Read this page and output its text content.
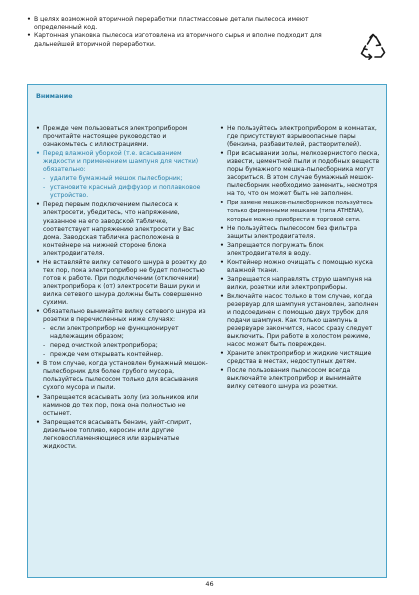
• В целях возможной вторичной переработки пластмассовые детали пылесоса имеют определенный код.
• Картонная упаковка пылесоса изготовлена из вторичного сырья и вполне подходит для дальнейшей вторичной переработки.
Внимание
• Прежде чем пользоваться электроприбором прочитайте настоящее руководство и ознакомьтесь с иллюстрациями.
• Перед влажной уборкой (т.е. всасыванием жидкости и применением шампуня для чистки) обязательно:
- удалите бумажный мешок пылесборник;
- установите красный диффузор и поплавковое устройство.
• Перед первым подключением пылесоса к электросети, убедитесь, что напряжение, указанное на его заводской табличке, соответствует напряжению электросети у Вас дома. Заводская табличка расположена в контейнере на нижней стороне блока электродвигателя.
• Не вставляйте вилку сетевого шнура в розетку до тех пор, пока электроприбор не будет полностью готов к работе. При подключении (отключении) электроприбора к (от) электросети Ваши руки и вилка сетевого шнура должны быть совершенно сухими.
• Обязательно вынимайте вилку сетевого шнура из розетки в перечисленных ниже случаях:
- если электроприбор не функционирует надлежащим образом;
- перед очисткой электроприбора;
- прежде чем открывать контейнер.
• В том случае, когда установлен бумажный мешок-пылесборник для более грубого мусора, пользуйтесь пылесосом только для всасывания сухого мусора и пыли.
• Запрещается всасывать золу (из зольников или каминов до тех пор, пока она полностью не остынет.
• Запрещается всасывать бензин, уайт-спирит, дизельное топливо, керосин или другие легковоспламеняющиеся или взрывчатые жидкости.
• Не пользуйтесь электроприбором в комнатах, где присутствуют взрывоопасные пары (бензина, разбавителей, растворителей).
• При всасывании золы, мелкозернистого песка, извести, цементной пыли и подобных веществ поры бумажного мешка-пылесборника могут засориться. В этом случае бумажный мешок-пылесборник необходимо заменить, несмотря на то, что он может быть не заполнен.
• При замене мешков-пылесборников пользуйтесь только фирменными мешками (типа ATHENA), которые можно приобрести в торговой сети.
• Не пользуйтесь пылесосом без фильтра защиты электродвигателя.
• Запрещается погружать блок электродвигателя в воду.
• Контейнер можно очищать с помощью куска влажной ткани.
• Запрещается направлять струю шампуня на вилки, розетки или электроприборы.
• Включайте насос только в том случае, когда резервуар для шампуня установлен, заполнен и подсоединен с помощью двух трубок для подачи шампуня. Как только шампунь в резервуаре закончится, насос сразу следует выключить. При работе в холостом режиме, насос может быть поврежден.
• Храните электроприбор и жидкие чистящие средства в местах, недоступных детям.
• После пользования пылесосом всегда выключайте электроприбор и вынимайте вилку сетевого шнура из розетки.
46
